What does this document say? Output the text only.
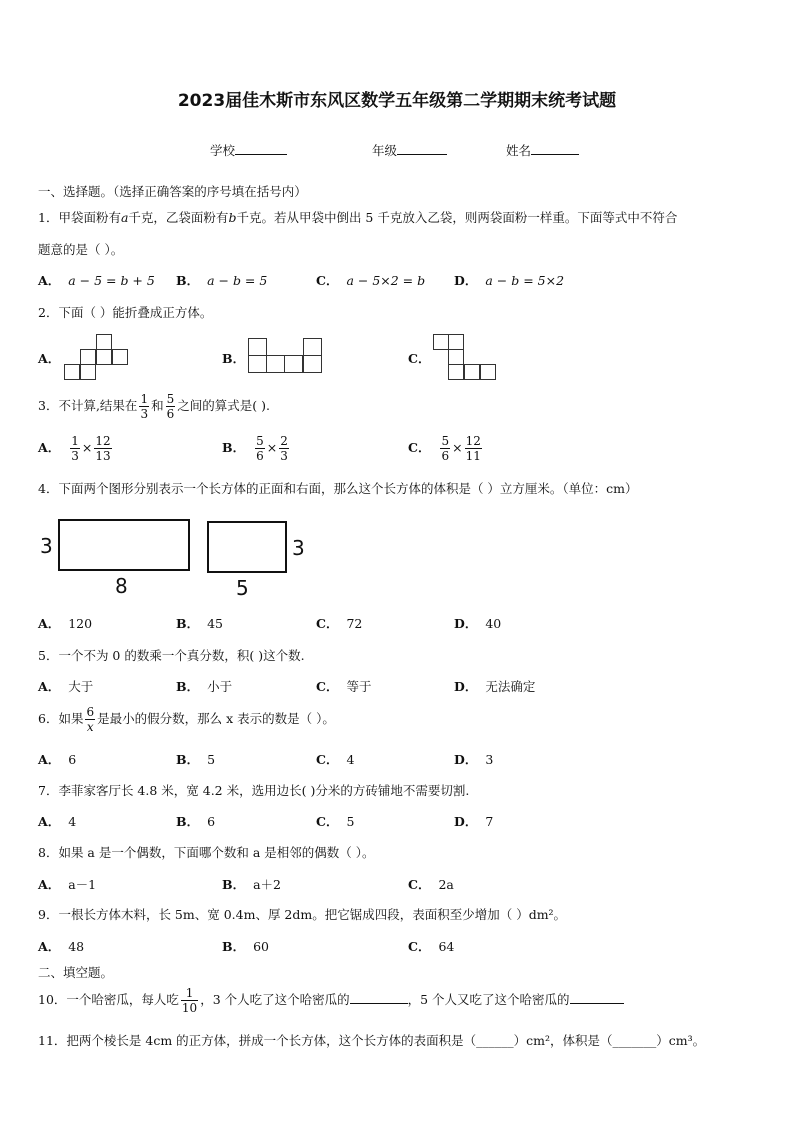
2023届佳木斯市东风区数学五年级第二学期期末统考试题
学校	年级	姓名
一、选择题。（选择正确答案的序号填在括号内）
1．甲袋面粉有a千克，乙袋面粉有b千克。若从甲袋中倒出 5 千克放入乙袋，则两袋面粉一样重。下面等式中不符合
题意的是（ ）。
A． a − 5 = b + 5 B． a − b = 5	C． a − 5×2 = b D． a − b = 5×2
2．下面（ ）能折叠成正方体。
A．	B．	C．
3．不计算,结果在 $\frac{1}{3}$ 和 $\frac{5}{6}$ 之间的算式是( ).
A． $\frac{1}{3} \times \frac{12}{13}$	B． $\frac{5}{6} \times \frac{2}{3}$	C． $\frac{5}{6} \times \frac{12}{11}$
4．下面两个图形分别表示一个长方体的正面和右面，那么这个长方体的体积是（ ）立方厘米。（单位：cm）
3
8
3
5
A． 120	B． 45	C． 72	D． 40
5．一个不为 0 的数乘一个真分数，积( )这个数.
A． 大于	B． 小于	C． 等于	D． 无法确定
6．如果 $\frac{6}{x}$ 是最小的假分数，那么 x 表示的数是（ ）。
A． 6	B． 5	C． 4	D． 3
7．李菲家客厅长 4.8 米，宽 4.2 米，选用边长( )分米的方砖铺地不需要切割.
A． 4	B． 6	C． 5	D． 7
8．如果 a 是一个偶数，下面哪个数和 a 是相邻的偶数（ ）。
A． a－1	B． a＋2	C． 2a
9．一根长方体木料，长 5m、宽 0.4m、厚 2dm。把它锯成四段，表面积至少增加（ ）dm²。
A． 48	B． 60	C． 64
二、填空题。
10．一个哈密瓜，每人吃 $\frac{1}{10}$ ，3 个人吃了这个哈密瓜的	，5 个人又吃了这个哈密瓜的
11．把两个棱长是 4cm 的正方体，拼成一个长方体，这个长方体的表面积是（______）cm²，体积是（_______）cm³。
